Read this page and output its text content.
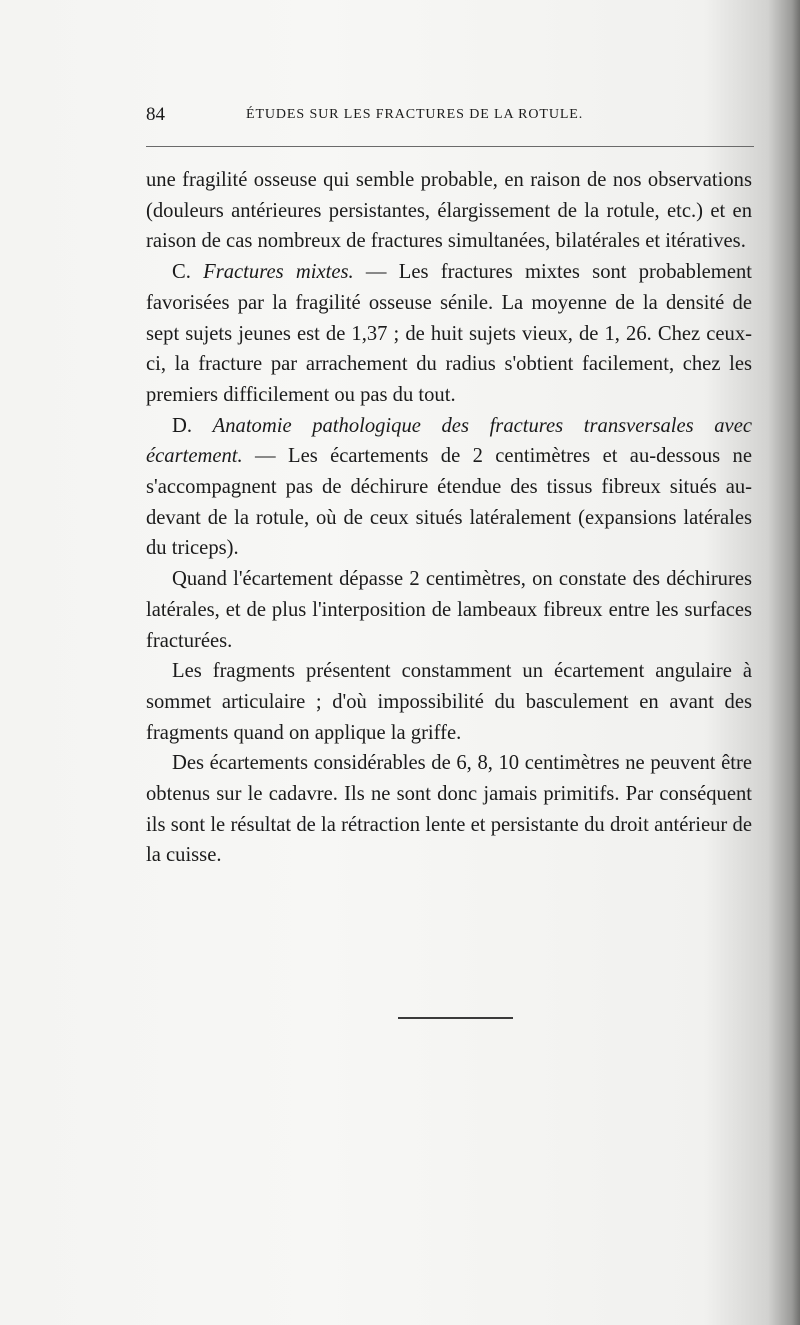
84	ÉTUDES SUR LES FRACTURES DE LA ROTULE.

une fragilité osseuse qui semble probable, en raison de nos observations (douleurs antérieures persistantes, élargissement de la rotule, etc.) et en raison de cas nombreux de fractures simultanées, bilatérales et itératives.

C. Fractures mixtes. — Les fractures mixtes sont probablement favorisées par la fragilité osseuse sénile. La moyenne de la densité de sept sujets jeunes est de 1,37 ; de huit sujets vieux, de 1, 26. Chez ceux-ci, la fracture par arrachement du radius s'obtient facilement, chez les premiers difficilement ou pas du tout.

D. Anatomie pathologique des fractures transversales avec écartement. — Les écartements de 2 centimètres et au-dessous ne s'accompagnent pas de déchirure étendue des tissus fibreux situés au-devant de la rotule, où de ceux situés latéralement (expansions latérales du triceps).

Quand l'écartement dépasse 2 centimètres, on constate des déchirures latérales, et de plus l'interposition de lambeaux fibreux entre les surfaces fracturées.

Les fragments présentent constamment un écartement angulaire à sommet articulaire ; d'où impossibilité du basculement en avant des fragments quand on applique la griffe.

Des écartements considérables de 6, 8, 10 centimètres ne peuvent être obtenus sur le cadavre. Ils ne sont donc jamais primitifs. Par conséquent ils sont le résultat de la rétraction lente et persistante du droit antérieur de la cuisse.
